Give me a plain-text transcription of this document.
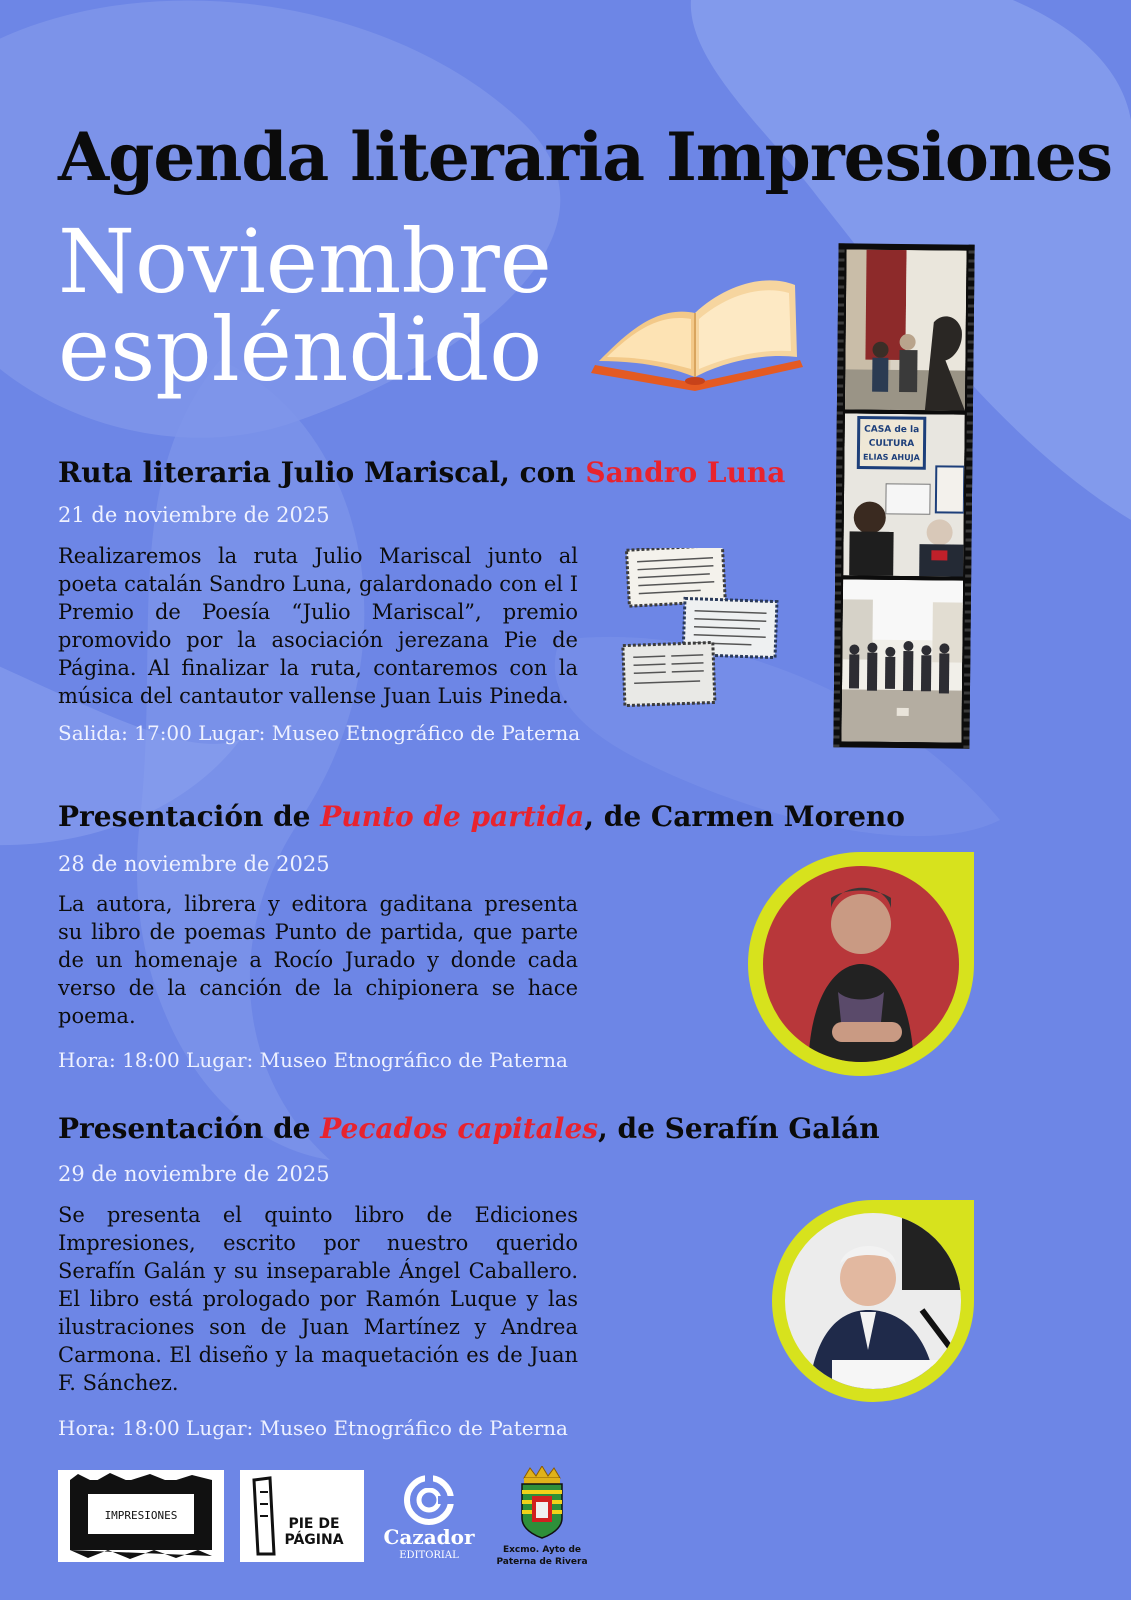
Agenda literaria Impresiones
Noviembre
espléndido
CASA de la
CULTURA
ELIAS AHUJA
Ruta literaria Julio Mariscal, con Sandro Luna

21 de noviembre de 2025

Realizaremos la ruta Julio Mariscal junto al poeta catalán Sandro Luna, galardonado con el I Premio de Poesía “Julio Mariscal”, premio promovido por la asociación jerezana Pie de Página. Al finalizar la ruta, contaremos con la música del cantautor vallense Juan Luis Pineda.

Salida: 17:00 Lugar: Museo Etnográfico de Paterna

Presentación de Punto de partida, de Carmen Moreno

28 de noviembre de 2025

La autora, librera y editora gaditana presenta su libro de poemas Punto de partida, que parte de un homenaje a Rocío Jurado y donde cada verso de la canción de la chipionera se hace poema.

Hora: 18:00 Lugar: Museo Etnográfico de Paterna

Presentación de Pecados capitales, de Serafín Galán

29 de noviembre de 2025

Se presenta el quinto libro de Ediciones Impresiones, escrito por nuestro querido Serafín Galán y su inseparable Ángel Caballero. El libro está prologado por Ramón Luque y las ilustraciones son de Juan Martínez y Andrea Carmona. El diseño y la maquetación es de Juan F. Sánchez.

Hora: 18:00 Lugar: Museo Etnográfico de Paterna

IMPRESIONES
PIE DE
PÁGINA Cazador
EDITORIAL	Excmo. Ayto de
Paterna de Rivera
